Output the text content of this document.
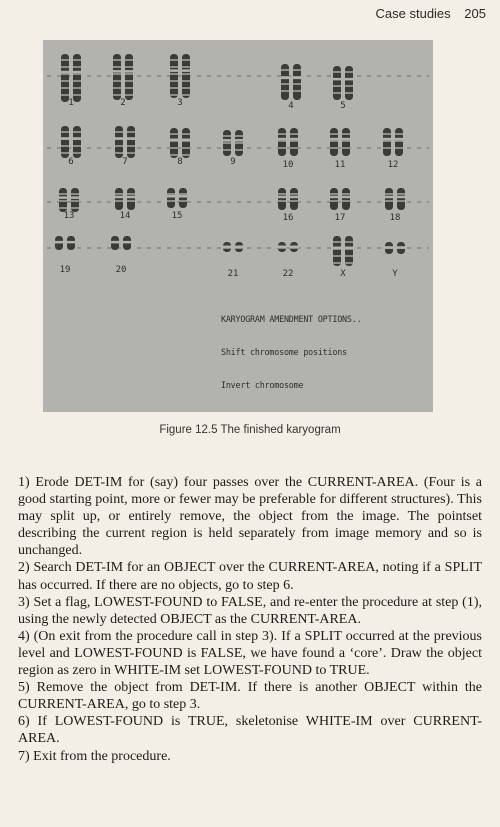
Case studies 205
1	2	3	4	5
6	7	8	9	10	11	12
13	14	15	16	17	18
19	20	21	22	X	Y

KARYOGRAM AMENDMENT OPTIONS..

Shift chromosome positions

Invert chromosome

Figure 12.5 The finished karyogram

1) Erode DET-IM for (say) four passes over the CURRENT-AREA. (Four is a good starting point, more or fewer may be preferable for different structures). This may split up, or entirely remove, the object from the image. The pointset describing the current region is held separately from image memory and so is unchanged.

2) Search DET-IM for an OBJECT over the CURRENT-AREA, noting if a SPLIT has occurred. If there are no objects, go to step 6.

3) Set a flag, LOWEST-FOUND to FALSE, and re-enter the procedure at step (1), using the newly detected OBJECT as the CURRENT-AREA.

4) (On exit from the procedure call in step 3). If a SPLIT occurred at the previous level and LOWEST-FOUND is FALSE, we have found a ‘core’. Draw the object region as zero in WHITE-IM set LOWEST-FOUND to TRUE.

5) Remove the object from DET-IM. If there is another OBJECT within the CURRENT-AREA, go to step 3.

6) If LOWEST-FOUND is TRUE, skeletonise WHITE-IM over CURRENT-AREA.

7) Exit from the procedure.
